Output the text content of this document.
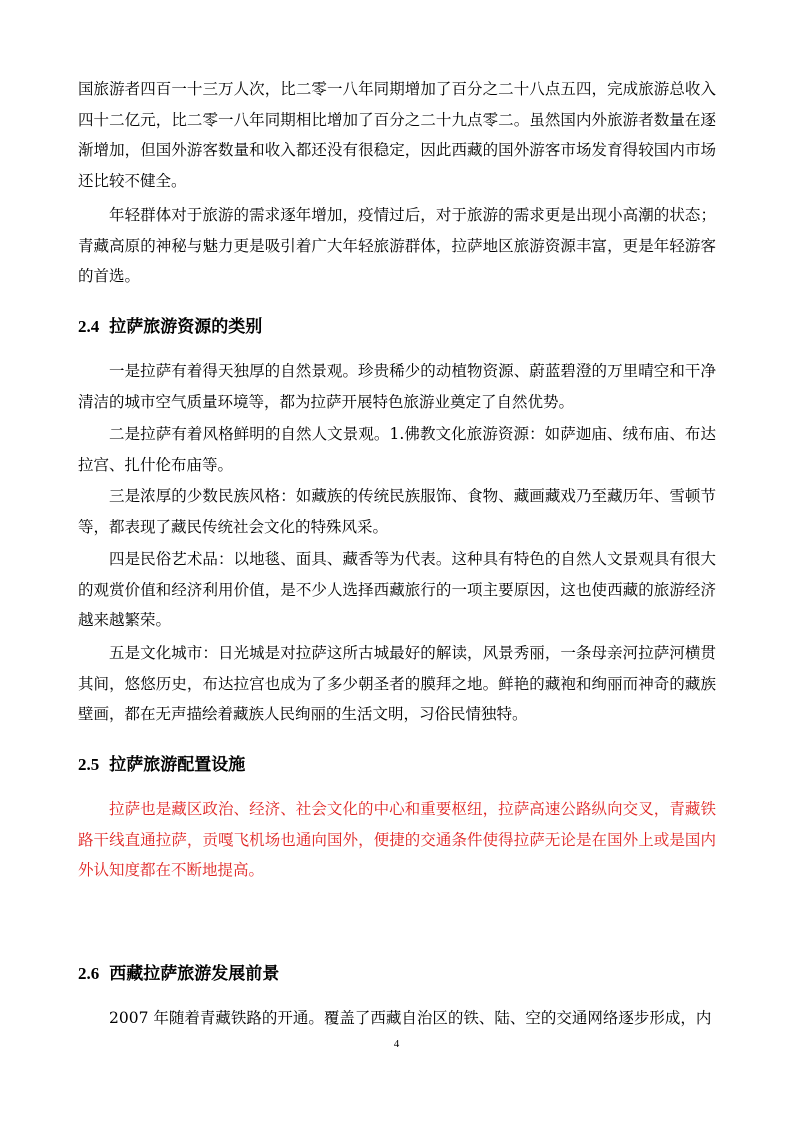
国旅游者四百一十三万人次，比二零一八年同期增加了百分之二十八点五四，完成旅游总收入四十二亿元，比二零一八年同期相比增加了百分之二十九点零二。虽然国内外旅游者数量在逐渐增加，但国外游客数量和收入都还没有很稳定，因此西藏的国外游客市场发育得较国内市场还比较不健全。

年轻群体对于旅游的需求逐年增加，疫情过后，对于旅游的需求更是出现小高潮的状态；青藏高原的神秘与魅力更是吸引着广大年轻旅游群体，拉萨地区旅游资源丰富，更是年轻游客的首选。

2.4 拉萨旅游资源的类别

一是拉萨有着得天独厚的自然景观。珍贵稀少的动植物资源、蔚蓝碧澄的万里晴空和干净清洁的城市空气质量环境等，都为拉萨开展特色旅游业奠定了自然优势。

二是拉萨有着风格鲜明的自然人文景观。1.佛教文化旅游资源：如萨迦庙、绒布庙、布达拉宫、扎什伦布庙等。

三是浓厚的少数民族风格：如藏族的传统民族服饰、食物、藏画藏戏乃至藏历年、雪顿节等，都表现了藏民传统社会文化的特殊风采。

四是民俗艺术品：以地毯、面具、藏香等为代表。这种具有特色的自然人文景观具有很大的观赏价值和经济利用价值，是不少人选择西藏旅行的一项主要原因，这也使西藏的旅游经济越来越繁荣。

五是文化城市：日光城是对拉萨这所古城最好的解读，风景秀丽，一条母亲河拉萨河横贯其间，悠悠历史，布达拉宫也成为了多少朝圣者的膜拜之地。鲜艳的藏袍和绚丽而神奇的藏族壁画，都在无声描绘着藏族人民绚丽的生活文明，习俗民情独特。

2.5 拉萨旅游配置设施

拉萨也是藏区政治、经济、社会文化的中心和重要枢纽，拉萨高速公路纵向交叉，青藏铁路干线直通拉萨，贡嘎飞机场也通向国外，便捷的交通条件使得拉萨无论是在国外上或是国内外认知度都在不断地提高。

2.6 西藏拉萨旅游发展前景

2007 年随着青藏铁路的开通。覆盖了西藏自治区的铁、陆、空的交通网络逐步形成，内

4
